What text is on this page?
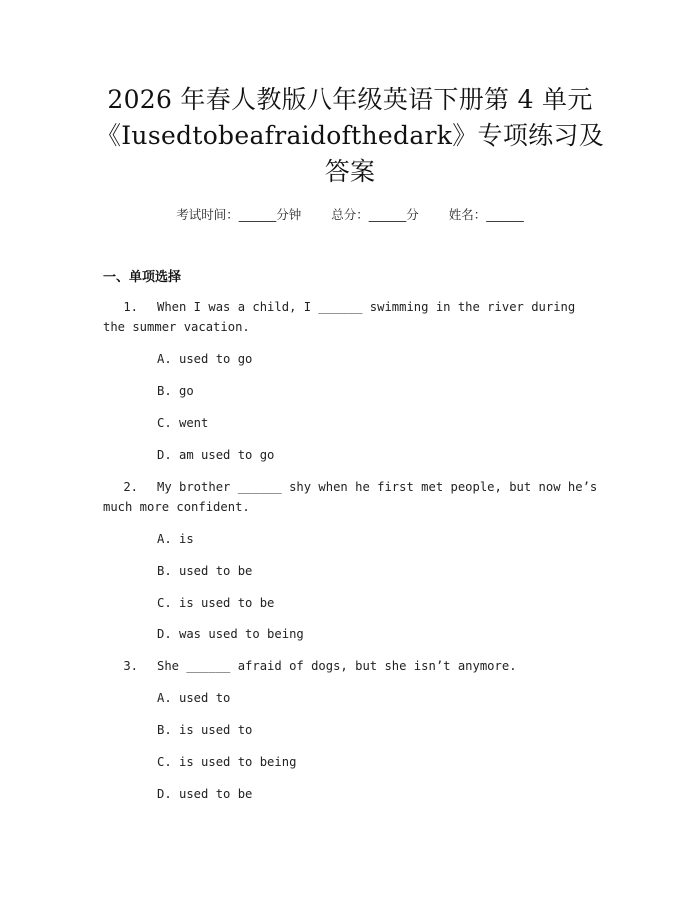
2026 年春人教版八年级英语下册第 4 单元
《Iusedtobeafraidofthedark》专项练习及
答案
考试时间：______分钟 总分：______分 姓名：______
一、单项选择
1. When I was a child, I ______ swimming in the river during the summer vacation.
A. used to go
B. go
C. went
D. am used to go
2. My brother ______ shy when he first met people, but now he’s much more confident.
A. is
B. used to be
C. is used to be
D. was used to being
3. She ______ afraid of dogs, but she isn’t anymore.
A. used to
B. is used to
C. is used to being
D. used to be
